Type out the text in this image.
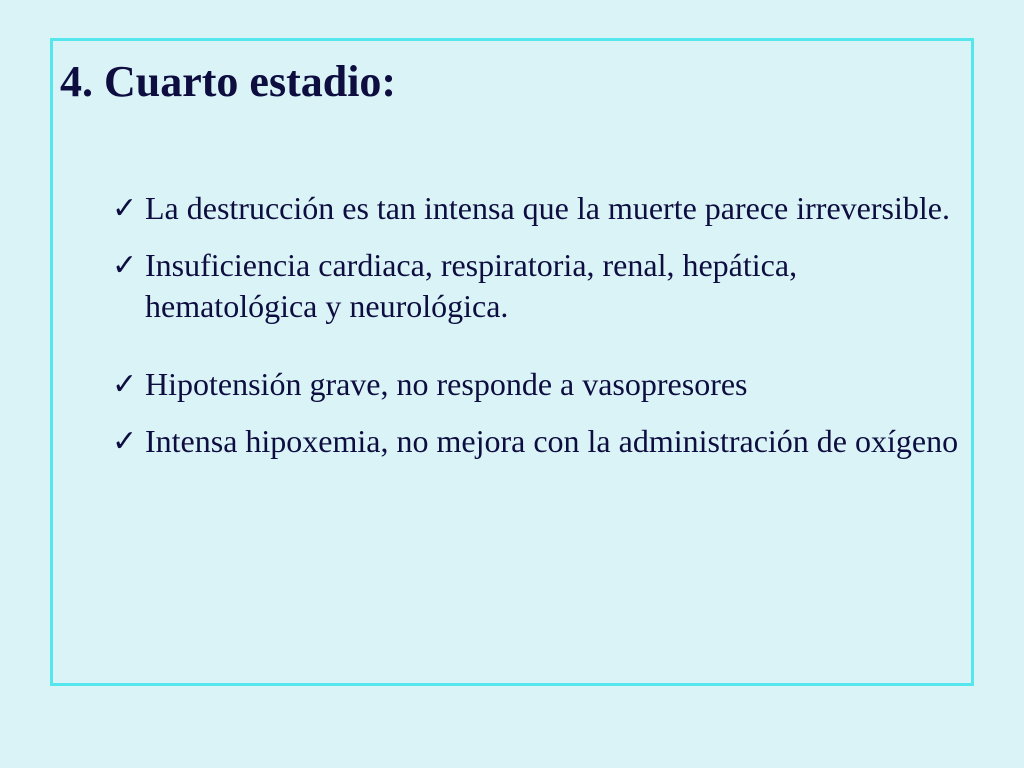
4. Cuarto estadio:
✓ La destrucción es tan intensa que la muerte parece irreversible.
✓ Insuficiencia cardiaca, respiratoria, renal, hepática, hematológica y neurológica.
✓ Hipotensión grave, no responde a vasopresores
✓ Intensa hipoxemia, no mejora con la administración de oxígeno
